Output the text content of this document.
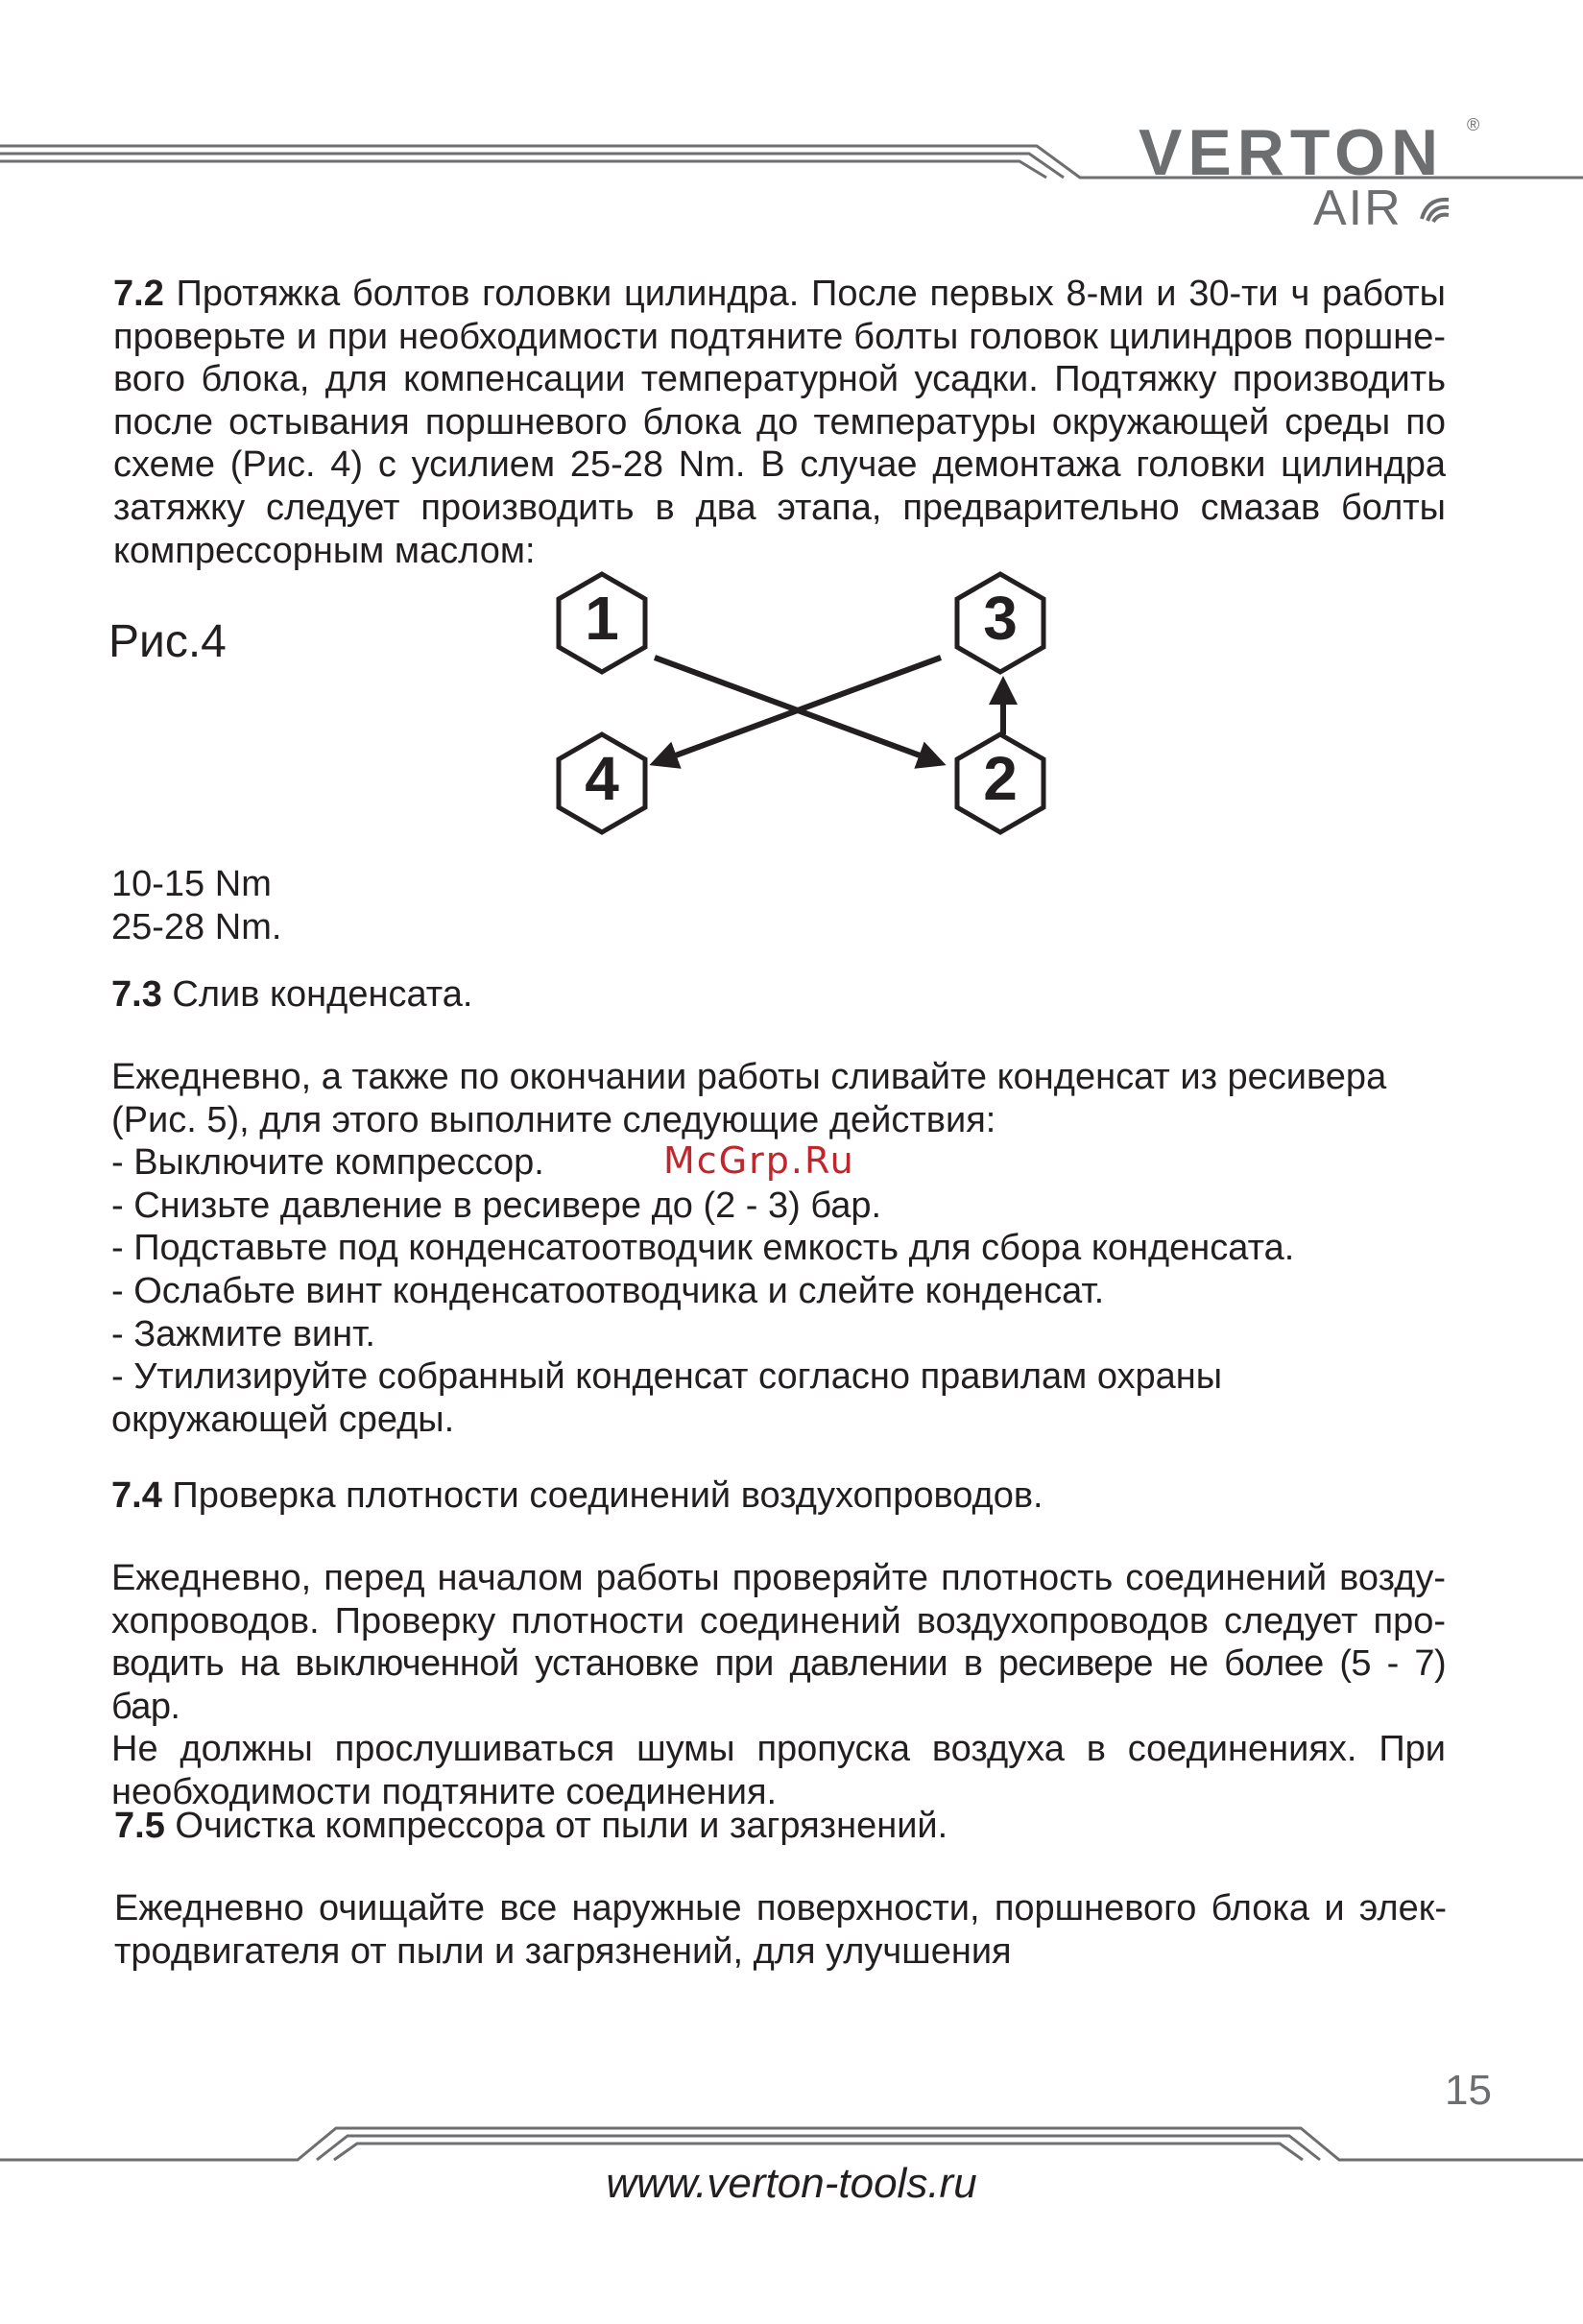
VERTON ®
AIR
7.2 Протяжка болтов головки цилиндра. После первых 8-ми и 30-ти ч работы
проверьте и при необходимости подтяните болты головок цилиндров поршне-
вого блока, для компенсации температурной усадки. Подтяжку производить
после остывания поршневого блока до температуры окружающей среды по
схеме (Рис. 4) с усилием 25-28 Nm. В случае демонтажа головки цилиндра
затяжку следует производить в два этапа, предварительно смазав болты
компрессорным маслом:
Рис.4	1	3
4	2
10-15 Nm
25-28 Nm.
7.3 Слив конденсата.
Ежедневно, а также по окончании работы сливайте конденсат из ресивера
(Рис. 5), для этого выполните следующие действия:
- Выключите компрессор.
- Снизьте давление в ресивере до (2 - 3) бар.
- Подставьте под конденсатоотводчик емкость для сбора конденсата.
- Ослабьте винт конденсатоотводчика и слейте конденсат.
- Зажмите винт.
- Утилизируйте собранный конденсат согласно правилам охраны
окружающей среды.
McGrp.Ru
7.4 Проверка плотности соединений воздухопроводов.
Ежедневно, перед началом работы проверяйте плотность соединений возду-
хопроводов. Проверку плотности соединений воздухопроводов следует про-
водить на выключенной установке при давлении в ресивере не более (5 - 7) бар.
Не должны прослушиваться шумы пропуска воздуха в соединениях. При
необходимости подтяните соединения.
7.5 Очистка компрессора от пыли и загрязнений.
Ежедневно очищайте все наружные поверхности, поршневого блока и элек-
тродвигателя от пыли и загрязнений, для улучшения
15
www.verton-tools.ru
